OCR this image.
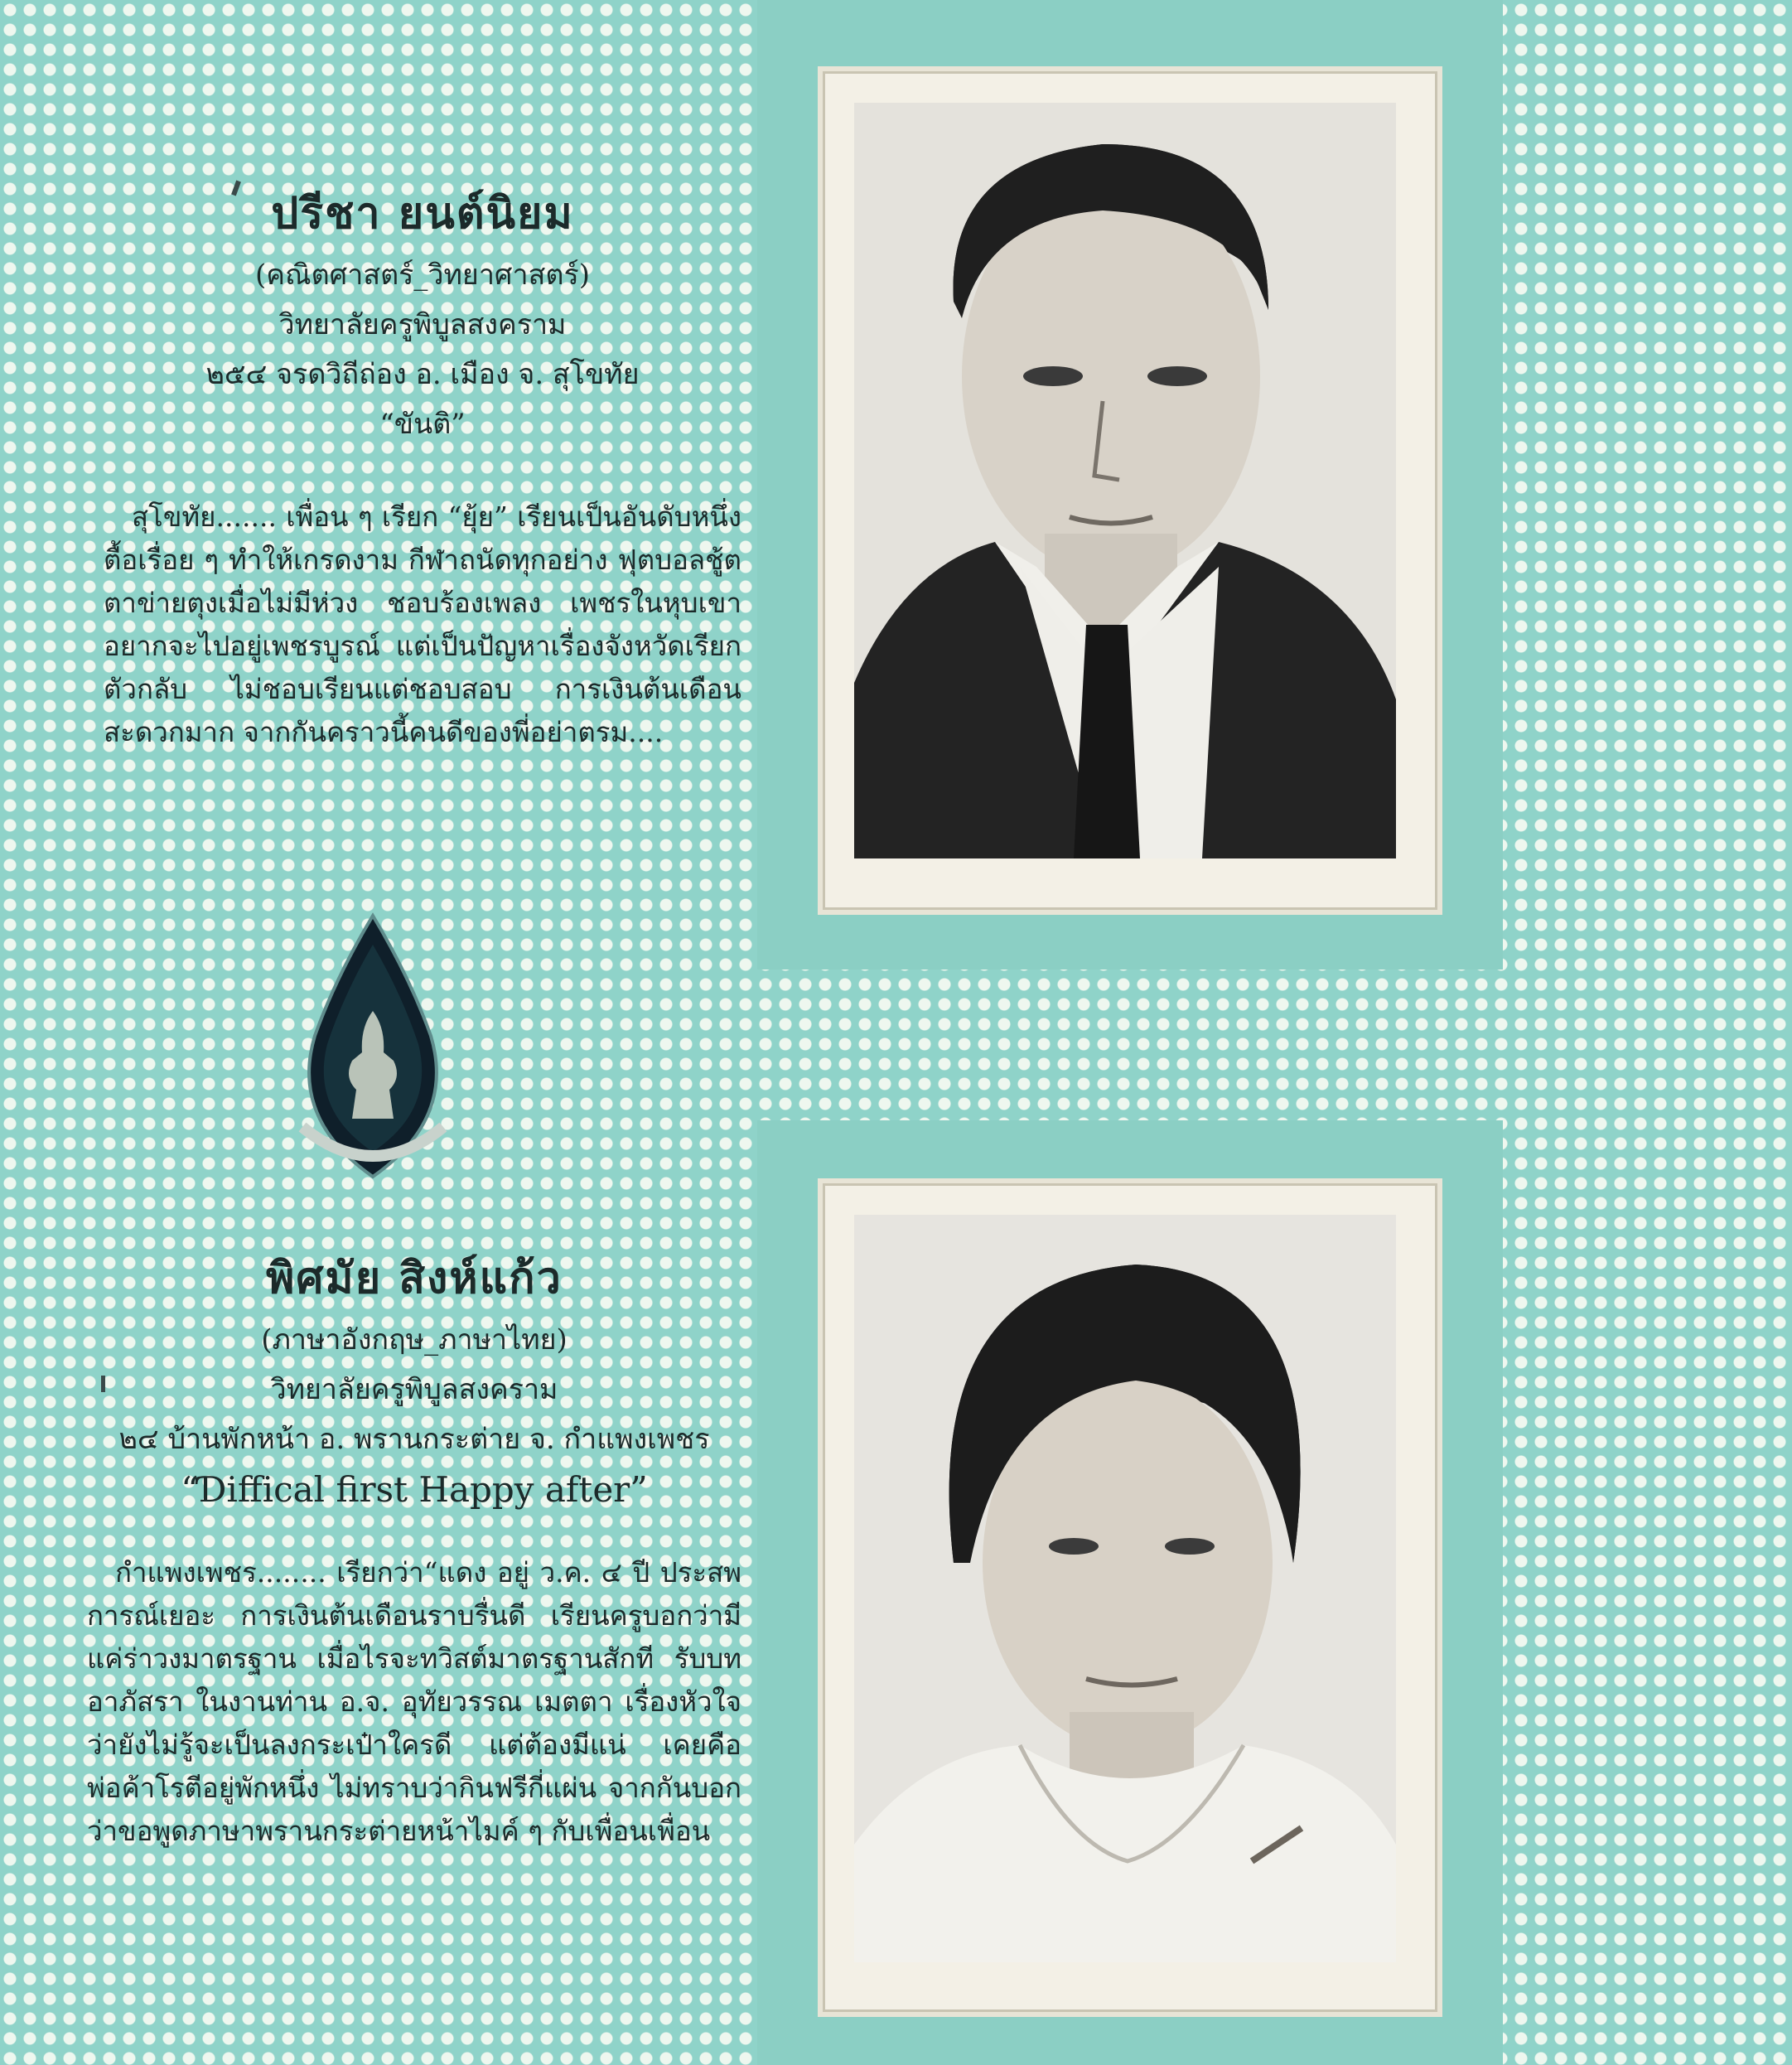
ปรีชา ยนต์นิยม
(คณิตศาสตร์_วิทยาศาสตร์)
วิทยาลัยครูพิบูลสงคราม
๒๕๔ จรดวิถีถ่อง อ. เมือง จ. สุโขทัย
“ขันติ”
สุโขทัย....... เพื่อน ๆ เรียก “ยุ้ย” เรียนเป็นอันดับหนึ่ง ตื้อเรื่อย ๆ ทำให้เกรดงาม กีฬาถนัดทุกอย่าง ฟุตบอลชู้ตตาข่ายตุงเมื่อไม่มีห่วง ชอบร้องเพลง เพชรในหุบเขา อยากจะไปอยู่เพชรบูรณ์ แต่เป็นปัญหาเรื่องจังหวัดเรียกตัวกลับ ไม่ชอบเรียนแต่ชอบสอบ การเงินต้นเดือนสะดวกมาก จากกันคราวนี้คนดีของพี่อย่าตรม....
พิศมัย สิงห์แก้ว
(ภาษาอังกฤษ_ภาษาไทย)
วิทยาลัยครูพิบูลสงคราม
๒๔ บ้านพักหน้า อ. พรานกระต่าย จ. กำแพงเพชร
“Ɗiffical first Happy after”
กำแพงเพชร........ เรียกว่า“แดง อยู่ ว.ค. ๔ ปี ประสพการณ์เยอะ การเงินต้นเดือนราบรื่นดี เรียนครูบอกว่ามีแค่ร่าวงมาตรฐาน เมื่อไรจะทวิสต์มาตรฐานสักที รับบทอาภัสรา ในงานท่าน อ.จ. อุทัยวรรณ เมตตา เรื่องหัวใจว่ายังไม่รู้จะเป็นลงกระเป๋าใครดี แต่ต้องมีแน่ เคยคือพ่อค้าโรตีอยู่พักหนึ่ง ไม่ทราบว่ากินฟรีกี่แผ่น จากกันบอกว่าขอพูดภาษาพรานกระต่ายหน้าไมค์ ๆ กับเพื่อนเพื่อน
